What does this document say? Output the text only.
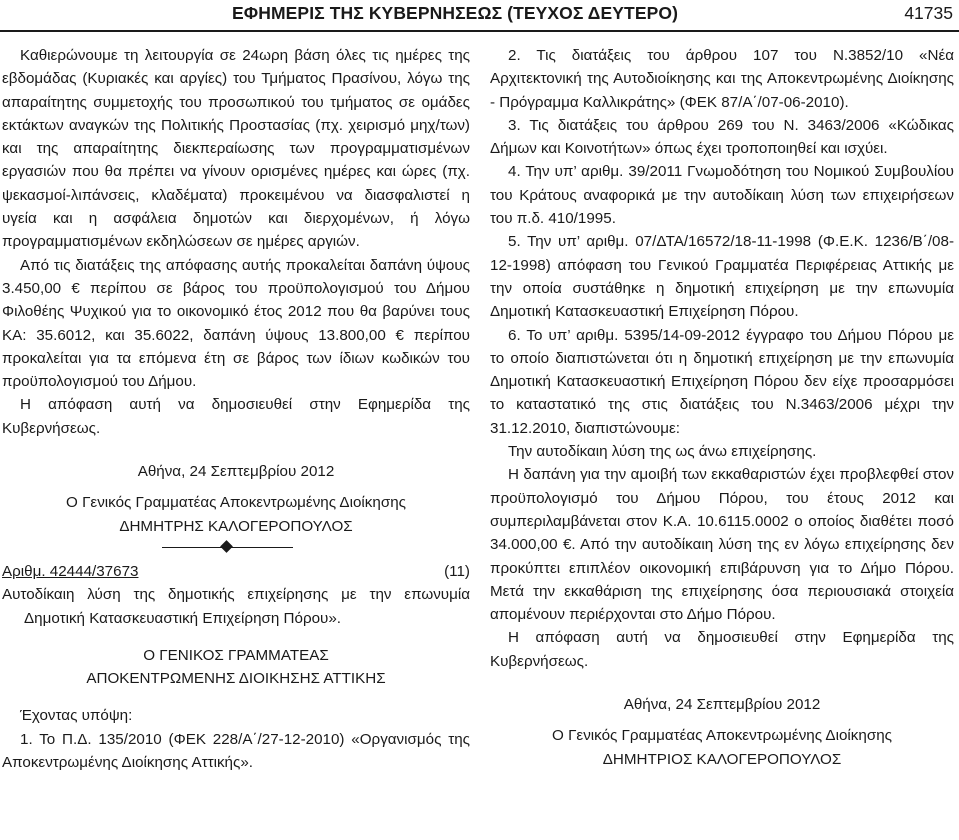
ΕΦΗΜΕΡΙΣ ΤΗΣ ΚΥΒΕΡΝΗΣΕΩΣ (ΤΕΥΧΟΣ ΔΕΥΤΕΡΟ)	41735

Καθιερώνουμε τη λειτουργία σε 24ωρη βάση όλες τις ημέρες της εβδομάδας (Κυριακές και αργίες) του Τμήματος Πρασίνου, λόγω της απαραίτητης συμμετοχής του προσωπικού του τμήματος σε ομάδες εκτάκτων αναγκών της Πολιτικής Προστασίας (πχ. χειρισμό μηχ/των) και της απαραίτητης διεκπεραίωσης των προγραμματισμένων εργασιών που θα πρέπει να γίνουν ορισμένες ημέρες και ώρες (πχ. ψεκασμοί-λιπάνσεις, κλαδέματα) προκειμένου να διασφαλιστεί η υγεία και η ασφάλεια δημοτών και διερχομένων, ή λόγω προγραμματισμένων εκδηλώσεων σε ημέρες αργιών.

Από τις διατάξεις της απόφασης αυτής προκαλείται δαπάνη ύψους 3.450,00 € περίπου σε βάρος του προϋπολογισμού του Δήμου Φιλοθέης Ψυχικού για το οικονομικό έτος 2012 που θα βαρύνει τους ΚΑ: 35.6012, και 35.6022, δαπάνη ύψους 13.800,00 € περίπου προκαλείται για τα επόμενα έτη σε βάρος των ίδιων κωδικών του προϋπολογισμού του Δήμου.

Η απόφαση αυτή να δημοσιευθεί στην Εφημερίδα της Κυβερνήσεως.

Αθήνα, 24 Σεπτεμβρίου 2012

Ο Γενικός Γραμματέας Αποκεντρωμένης Διοίκησης

ΔΗΜΗΤΡΗΣ ΚΑΛΟΓΕΡΟΠΟΥΛΟΣ

Αριθμ. 42444/37673	(11)

Αυτοδίκαιη λύση της δημοτικής επιχείρησης με την επωνυμία Δημοτική Κατασκευαστική Επιχείρηση Πόρου».

Ο ΓΕΝΙΚΟΣ ΓΡΑΜΜΑΤΕΑΣ

ΑΠΟΚΕΝΤΡΩΜΕΝΗΣ ΔΙΟΙΚΗΣΗΣ ΑΤΤΙΚΗΣ

Έχοντας υπόψη:

1. Το Π.Δ. 135/2010 (ΦΕΚ 228/Α΄/27-12-2010) «Οργανισμός της Αποκεντρωμένης Διοίκησης Αττικής».

2. Τις διατάξεις του άρθρου 107 του Ν.3852/10 «Νέα Αρχιτεκτονική της Αυτοδιοίκησης και της Αποκεντρωμένης Διοίκησης - Πρόγραμμα Καλλικράτης» (ΦΕΚ 87/Α΄/07-06-2010).

3. Τις διατάξεις του άρθρου 269 του Ν. 3463/2006 «Κώδικας Δήμων και Κοινοτήτων» όπως έχει τροποποιηθεί και ισχύει.

4. Την υπ’ αριθμ. 39/2011 Γνωμοδότηση του Νομικού Συμβουλίου του Κράτους αναφορικά με την αυτοδίκαιη λύση των επιχειρήσεων του π.δ. 410/1995.

5. Την υπ’ αριθμ. 07/ΔΤΑ/16572/18-11-1998 (Φ.Ε.Κ. 1236/Β΄/08-12-1998) απόφαση του Γενικού Γραμματέα Περιφέρειας Αττικής με την οποία συστάθηκε η δημοτική επιχείρηση με την επωνυμία Δημοτική Κατασκευαστική Επιχείρηση Πόρου.

6. Το υπ’ αριθμ. 5395/14-09-2012 έγγραφο του Δήμου Πόρου με το οποίο διαπιστώνεται ότι η δημοτική επιχείρηση με την επωνυμία Δημοτική Κατασκευαστική Επιχείρηση Πόρου δεν είχε προσαρμόσει το καταστατικό της στις διατάξεις του Ν.3463/2006 μέχρι την 31.12.2010, διαπιστώνουμε:

Την αυτοδίκαιη λύση της ως άνω επιχείρησης.

Η δαπάνη για την αμοιβή των εκκαθαριστών έχει προβλεφθεί στον προϋπολογισμό του Δήμου Πόρου, του έτους 2012 και συμπεριλαμβάνεται στον Κ.Α. 10.6115.0002 ο οποίος διαθέτει ποσό 34.000,00 €. Από την αυτοδίκαιη λύση της εν λόγω επιχείρησης δεν προκύπτει επιπλέον οικονομική επιβάρυνση για το Δήμο Πόρου. Μετά την εκκαθάριση της επιχείρησης όσα περιουσιακά στοιχεία απομένουν περιέρχονται στο Δήμο Πόρου.

Η απόφαση αυτή να δημοσιευθεί στην Εφημερίδα της Κυβερνήσεως.

Αθήνα, 24 Σεπτεμβρίου 2012

Ο Γενικός Γραμματέας Αποκεντρωμένης Διοίκησης

ΔΗΜΗΤΡΙΟΣ ΚΑΛΟΓΕΡΟΠΟΥΛΟΣ
